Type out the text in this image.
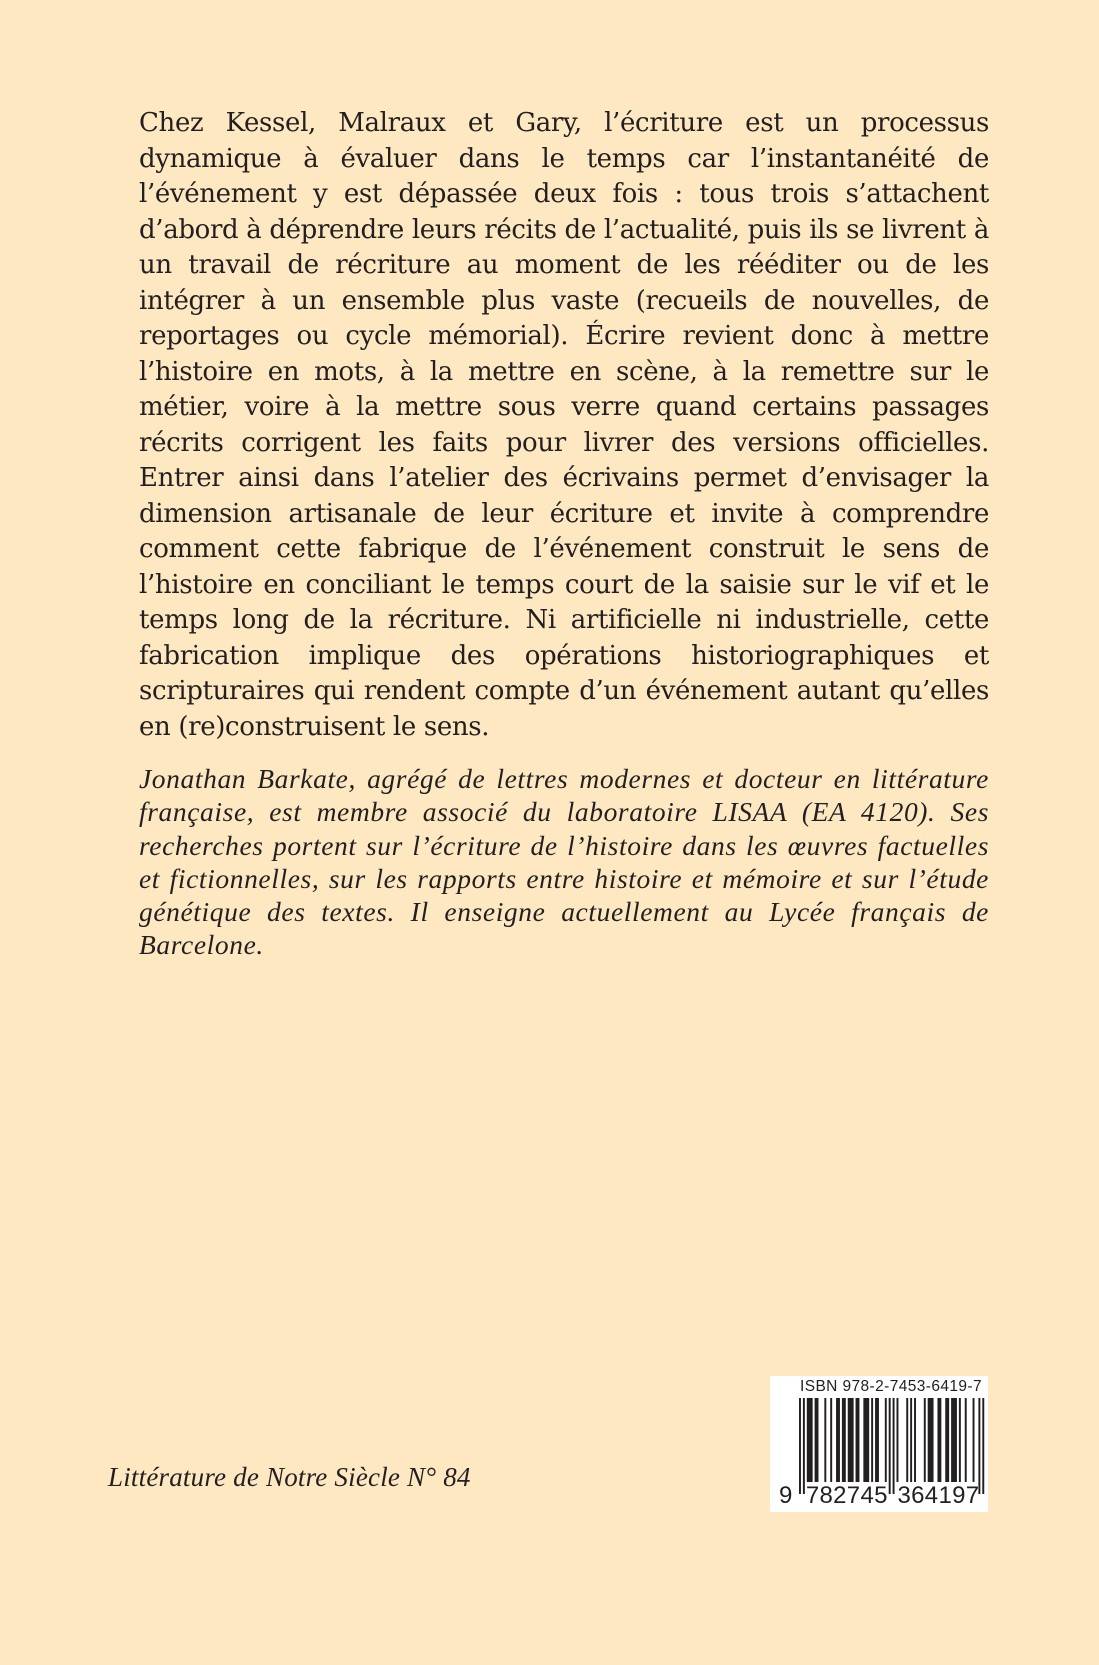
Chez Kessel, Malraux et Gary, l’écriture est un processus dynamique à évaluer dans le temps car l’instantanéité de l’événement y est dépassée deux fois : tous trois s’attachent d’abord à déprendre leurs récits de l’actualité, puis ils se livrent à un travail de récriture au moment de les rééditer ou de les intégrer à un ensemble plus vaste (recueils de nouvelles, de reportages ou cycle mémorial). Écrire revient donc à mettre l’histoire en mots, à la mettre en scène, à la remettre sur le métier, voire à la mettre sous verre quand certains passages récrits corrigent les faits pour livrer des versions officielles. Entrer ainsi dans l’atelier des écrivains permet d’envisager la dimension artisanale de leur écriture et invite à comprendre comment cette fabrique de l’événement construit le sens de l’histoire en conciliant le temps court de la saisie sur le vif et le temps long de la récriture. Ni artificielle ni industrielle, cette fabrication implique des opérations historiographiques et scripturaires qui rendent compte d’un événement autant qu’elles en (re)construisent le sens.

Jonathan Barkate, agrégé de lettres modernes et docteur en littérature française, est membre associé du laboratoire LISAA (EA 4120). Ses recherches portent sur l’écriture de l’histoire dans les œuvres factuelles et fictionnelles, sur les rapports entre histoire et mémoire et sur l’étude génétique des textes. Il enseigne actuellement au Lycée français de Barcelone.

Littérature de Notre Siècle N° 84

ISBN 978-2-7453-6419-7
9 7 8 2 7 4 5 3 6 4 1 9 7
